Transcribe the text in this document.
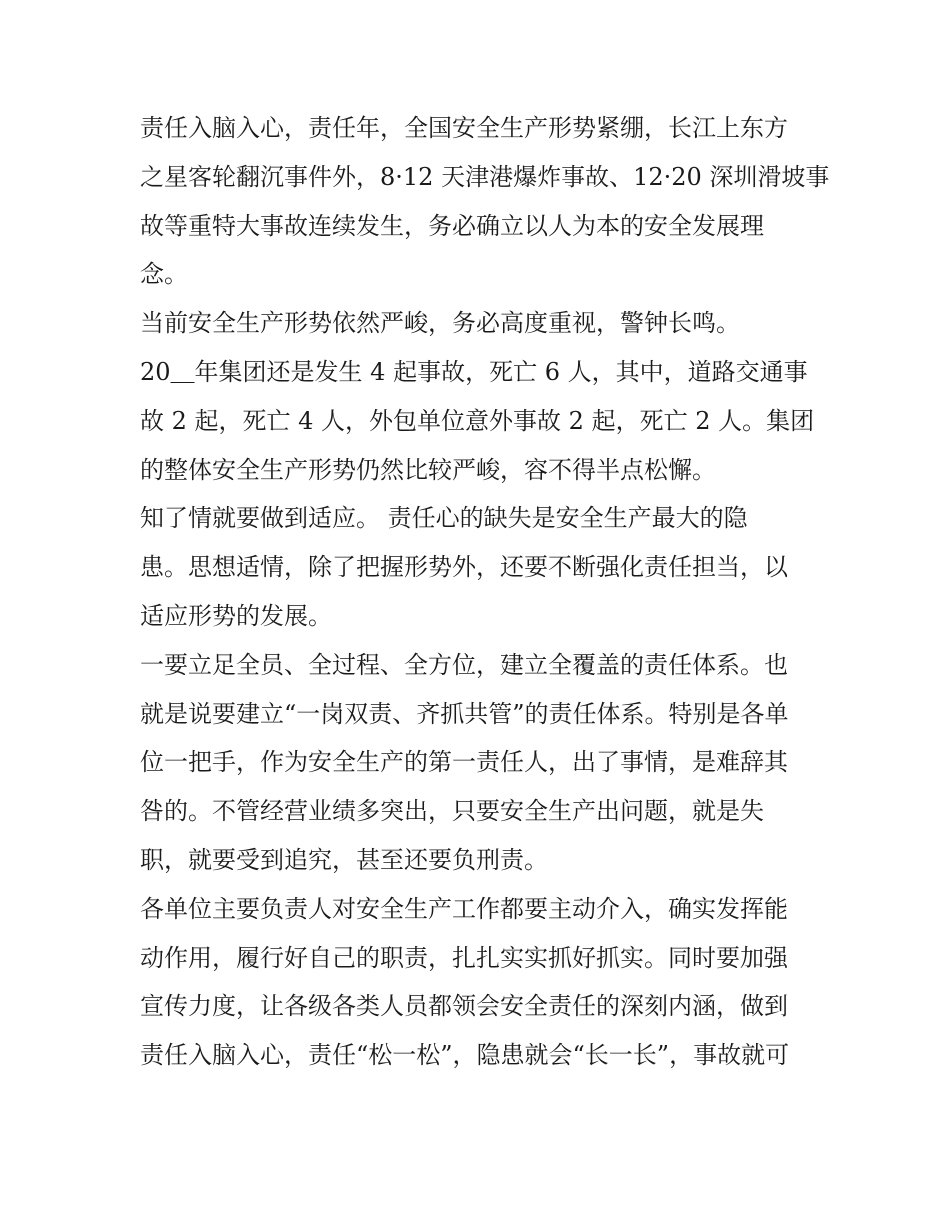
责任入脑入心，责任年，全国安全生产形势紧绷，长江上东方
之星客轮翻沉事件外，8·12 天津港爆炸事故、12·20 深圳滑坡事
故等重特大事故连续发生，务必确立以人为本的安全发展理
念。
当前安全生产形势依然严峻，务必高度重视，警钟长鸣。
20＿年集团还是发生 4 起事故，死亡 6 人，其中，道路交通事
故 2 起，死亡 4 人，外包单位意外事故 2 起，死亡 2 人。集团
的整体安全生产形势仍然比较严峻，容不得半点松懈。
知了情就要做到适应。 责任心的缺失是安全生产最大的隐
患。思想适情，除了把握形势外，还要不断强化责任担当，以
适应形势的发展。
一要立足全员、全过程、全方位，建立全覆盖的责任体系。也
就是说要建立“一岗双责、齐抓共管”的责任体系。特别是各单
位一把手，作为安全生产的第一责任人，出了事情，是难辞其
咎的。不管经营业绩多突出，只要安全生产出问题，就是失
职，就要受到追究，甚至还要负刑责。
各单位主要负责人对安全生产工作都要主动介入，确实发挥能
动作用，履行好自己的职责，扎扎实实抓好抓实。同时要加强
宣传力度，让各级各类人员都领会安全责任的深刻内涵，做到
责任入脑入心，责任“松一松”，隐患就会“长一长”，事故就可
